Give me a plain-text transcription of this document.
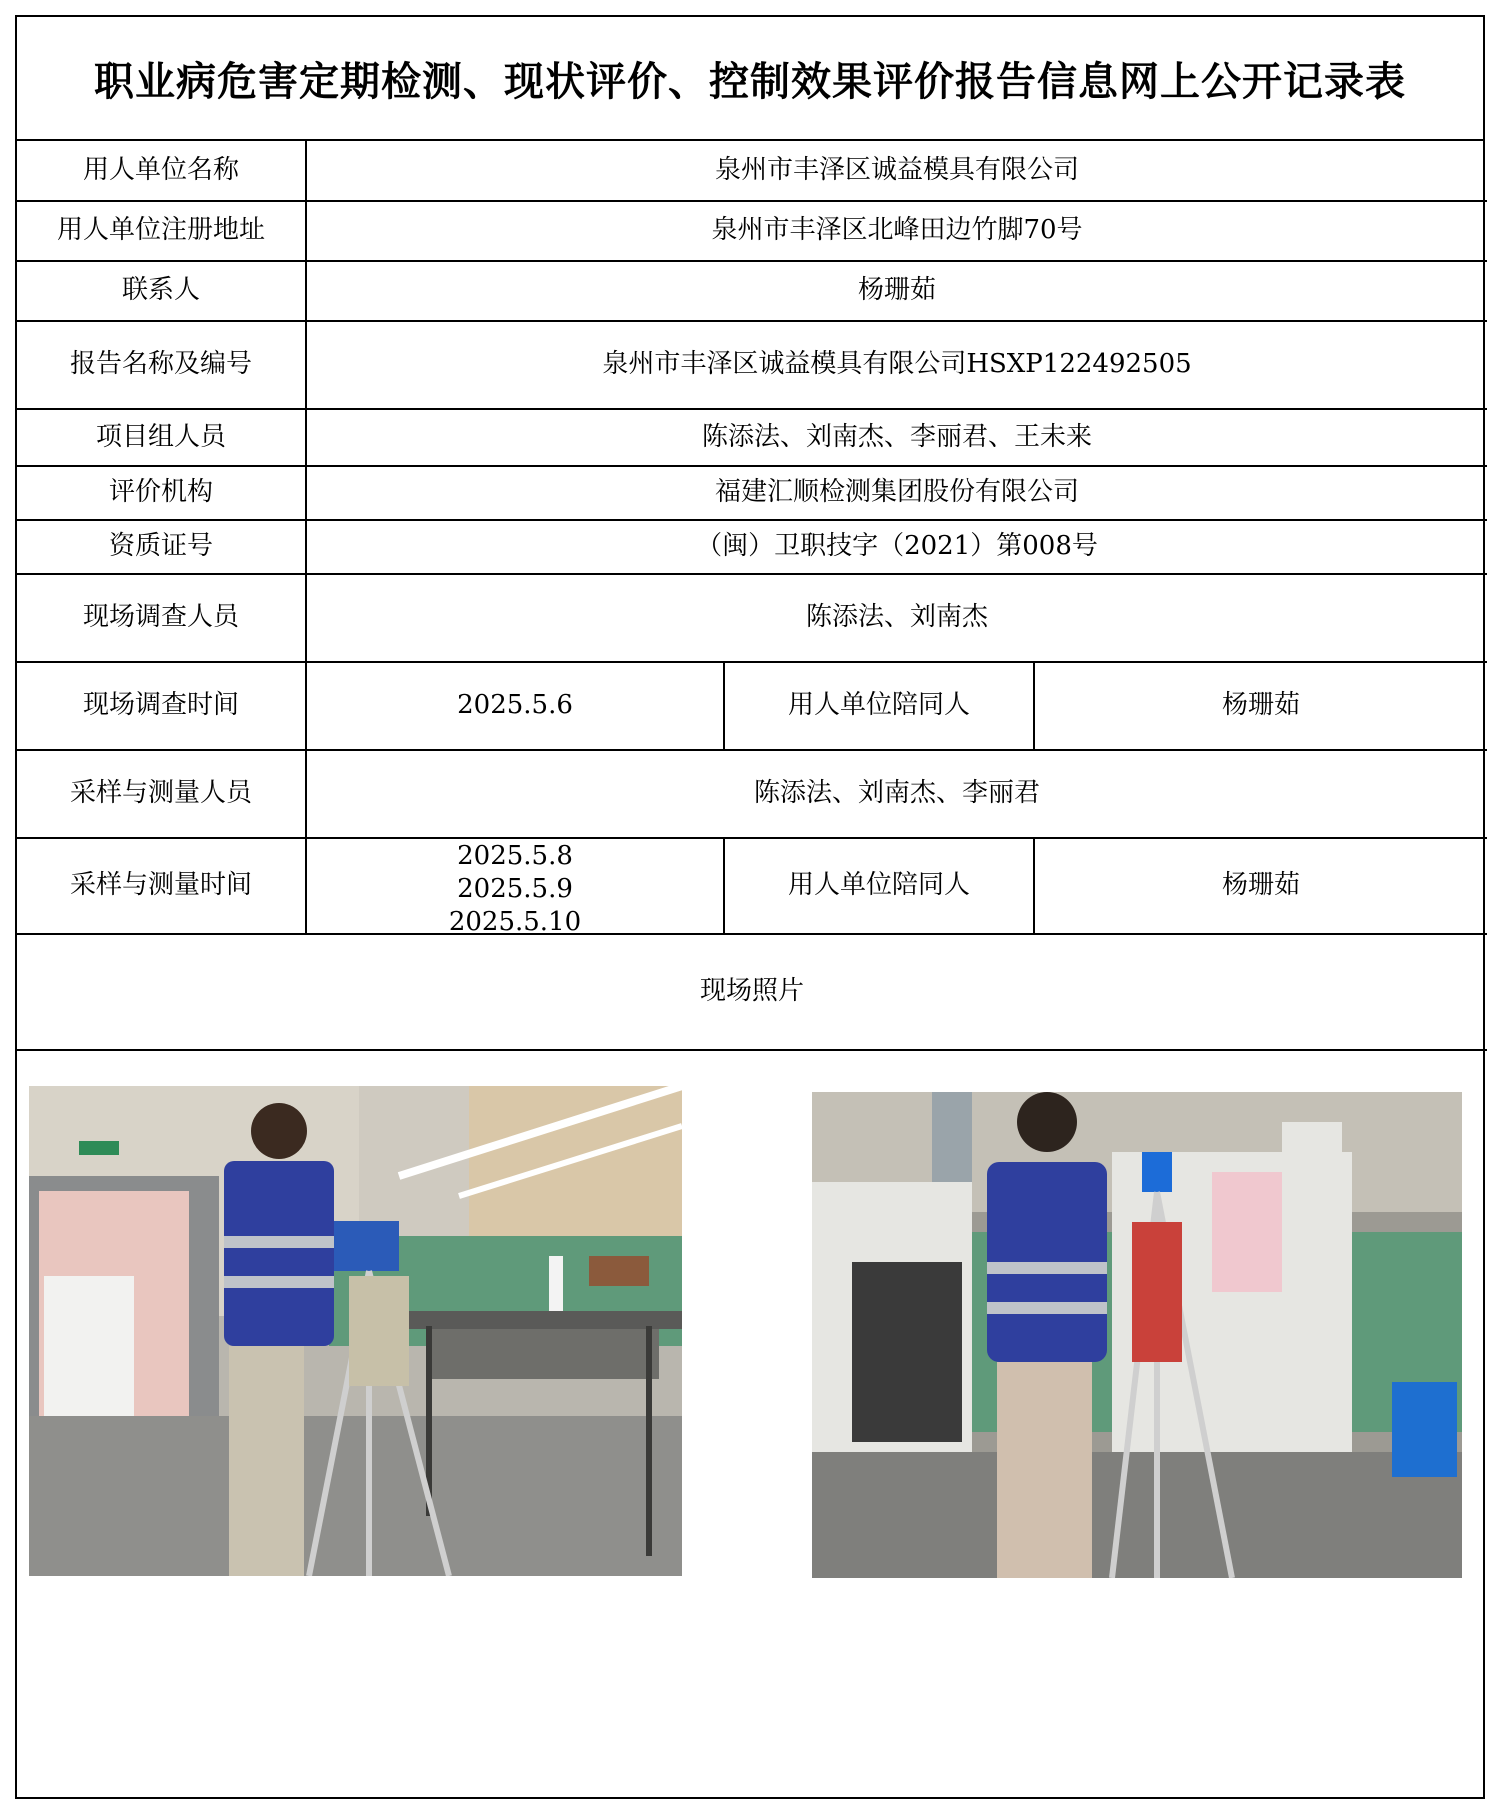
职业病危害定期检测、现状评价、控制效果评价报告信息网上公开记录表
用人单位名称	泉州市丰泽区诚益模具有限公司		
用人单位注册地址	泉州市丰泽区北峰田边竹脚70号		
联系人	杨珊茹		
报告名称及编号	泉州市丰泽区诚益模具有限公司HSXP122492505		
项目组人员	陈添法、刘南杰、李丽君、王未来		
评价机构	福建汇顺检测集团股份有限公司		
资质证号	（闽）卫职技字（2021）第008号		
现场调查人员	陈添法、刘南杰		
现场调查时间	2025.5.6	用人单位陪同人	杨珊茹
采样与测量人员	陈添法、刘南杰、李丽君		
采样与测量时间	2025.5.8
2025.5.9
2025.5.10	用人单位陪同人	杨珊茹
现场照片			
